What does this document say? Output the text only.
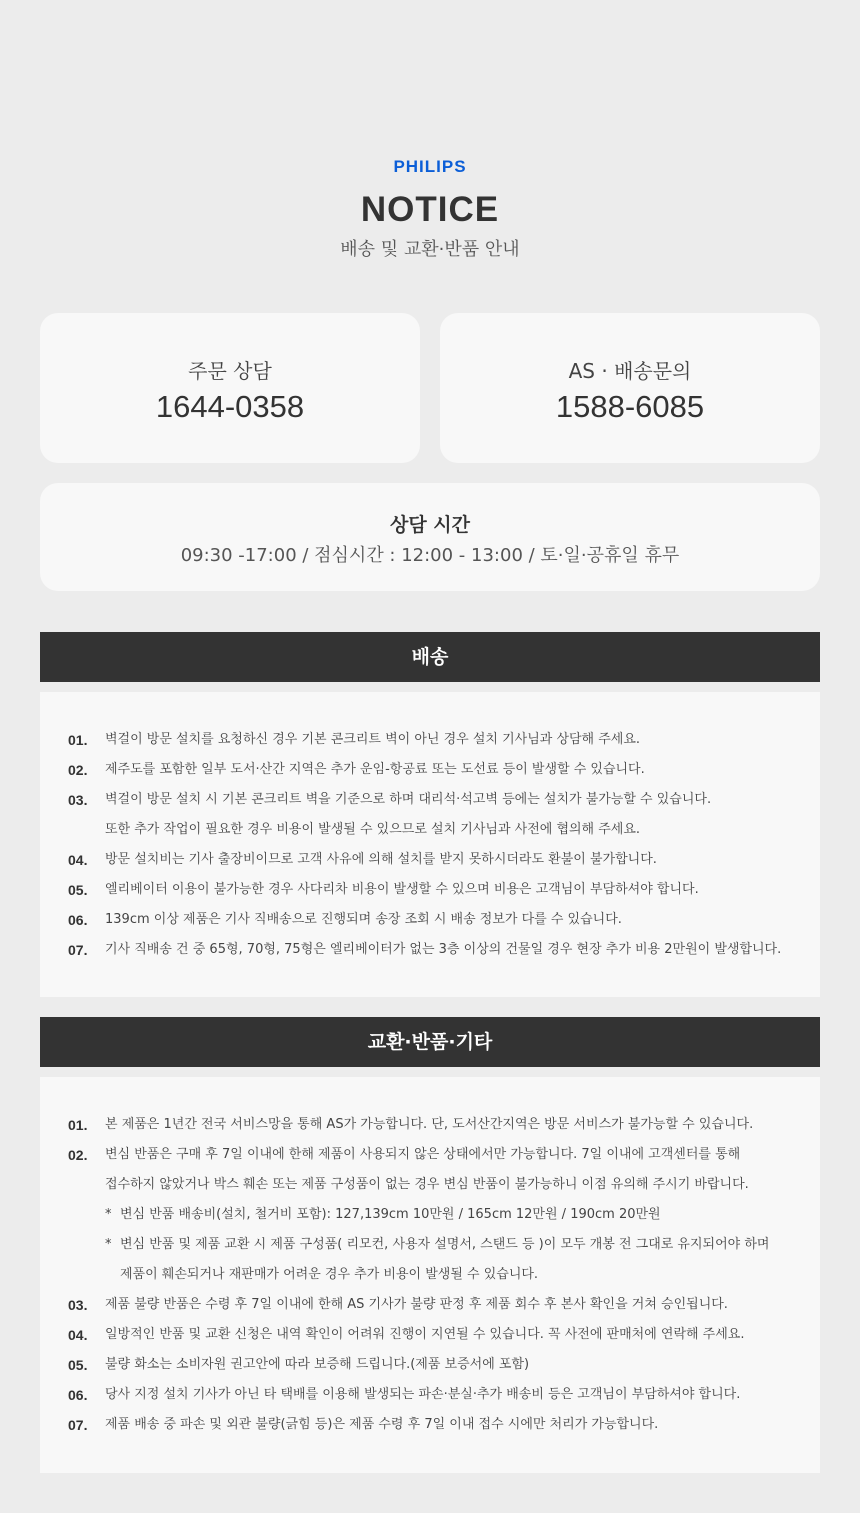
PHILIPS
NOTICE
배송 및 교환·반품 안내
주문 상담
1644-0358
AS · 배송문의
1588-6085
상담 시간
09:30 -17:00 / 점심시간 : 12:00 - 13:00 / 토·일·공휴일 휴무
배송
01.	벽걸이 방문 설치를 요청하신 경우 기본 콘크리트 벽이 아닌 경우 설치 기사님과 상담해 주세요.
02.	제주도를 포함한 일부 도서·산간 지역은 추가 운임-항공료 또는 도선료 등이 발생할 수 있습니다.
03.	벽걸이 방문 설치 시 기본 콘크리트 벽을 기준으로 하며 대리석·석고벽 등에는 설치가 불가능할 수 있습니다.
또한 추가 작업이 필요한 경우 비용이 발생될 수 있으므로 설치 기사님과 사전에 협의해 주세요.
04.	방문 설치비는 기사 출장비이므로 고객 사유에 의해 설치를 받지 못하시더라도 환불이 불가합니다.
05.	엘리베이터 이용이 불가능한 경우 사다리차 비용이 발생할 수 있으며 비용은 고객님이 부담하셔야 합니다.
06.	139cm 이상 제품은 기사 직배송으로 진행되며 송장 조회 시 배송 정보가 다를 수 있습니다.
07.	기사 직배송 건 중 65형, 70형, 75형은 엘리베이터가 없는 3층 이상의 건물일 경우 현장 추가 비용 2만원이 발생합니다.
교환·반품·기타
01.	본 제품은 1년간 전국 서비스망을 통해 AS가 가능합니다. 단, 도서산간지역은 방문 서비스가 불가능할 수 있습니다.
02.	변심 반품은 구매 후 7일 이내에 한해 제품이 사용되지 않은 상태에서만 가능합니다. 7일 이내에 고객센터를 통해
접수하지 않았거나 박스 훼손 또는 제품 구성품이 없는 경우 변심 반품이 불가능하니 이점 유의해 주시기 바랍니다.
* 변심 반품 배송비(설치, 철거비 포함): 127,139cm 10만원 / 165cm 12만원 / 190cm 20만원
* 변심 반품 및 제품 교환 시 제품 구성품( 리모컨, 사용자 설명서, 스탠드 등 )이 모두 개봉 전 그대로 유지되어야 하며
제품이 훼손되거나 재판매가 어려운 경우 추가 비용이 발생될 수 있습니다.
03.	제품 불량 반품은 수령 후 7일 이내에 한해 AS 기사가 불량 판정 후 제품 회수 후 본사 확인을 거쳐 승인됩니다.
04.	일방적인 반품 및 교환 신청은 내역 확인이 어려워 진행이 지연될 수 있습니다. 꼭 사전에 판매처에 연락해 주세요.
05.	불량 화소는 소비자원 권고안에 따라 보증해 드립니다.(제품 보증서에 포함)
06.	당사 지정 설치 기사가 아닌 타 택배를 이용해 발생되는 파손·분실·추가 배송비 등은 고객님이 부담하셔야 합니다.
07.	제품 배송 중 파손 및 외관 불량(긁힘 등)은 제품 수령 후 7일 이내 접수 시에만 처리가 가능합니다.
